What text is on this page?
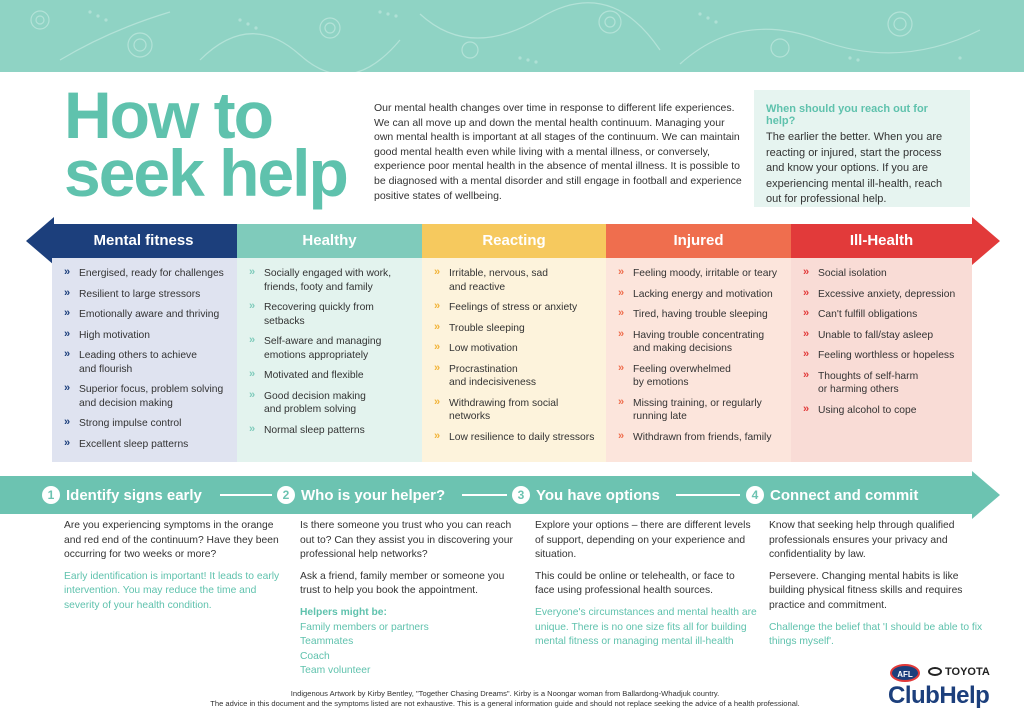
How to
seek help
Our mental health changes over time in response to different life experiences. We can all move up and down the mental health continuum. Managing your own mental health is important at all stages of the continuum. We can maintain good mental health even while living with a mental illness, or conversely, experience poor mental health in the absence of mental illness. It is possible to be diagnosed with a mental disorder and still engage in football and experience positive states of wellbeing.
When should you reach out for help?
The earlier the better. When you are reacting or injured, start the process and know your options. If you are experiencing mental ill-health, reach out for professional help.
Mental fitness
» Energised, ready for challenges
» Resilient to large stressors
» Emotionally aware and thriving
» High motivation
» Leading others to achieve
and flourish
» Superior focus, problem solving
and decision making
» Strong impulse control
» Excellent sleep patterns
Healthy
» Socially engaged with work,
friends, footy and family
» Recovering quickly from
setbacks
» Self-aware and managing
emotions appropriately
» Motivated and flexible
» Good decision making
and problem solving
» Normal sleep patterns
Reacting
» Irritable, nervous, sad
and reactive
» Feelings of stress or anxiety
» Trouble sleeping
» Low motivation
» Procrastination
and indecisiveness
» Withdrawing from social
networks
» Low resilience to daily stressors
Injured
» Feeling moody, irritable or teary
» Lacking energy and motivation
» Tired, having trouble sleeping
» Having trouble concentrating
and making decisions
» Feeling overwhelmed
by emotions
» Missing training, or regularly
running late
» Withdrawn from friends, family
Ill-Health
» Social isolation
» Excessive anxiety, depression
» Can't fulfill obligations
» Unable to fall/stay asleep
» Feeling worthless or hopeless
» Thoughts of self-harm
or harming others
» Using alcohol to cope
1 Identify signs early	2 Who is your helper?	3 You have options	4 Connect and commit

Are you experiencing symptoms in the orange and red end of the continuum? Have they been occurring for two weeks or more?

Early identification is important! It leads to early intervention. You may reduce the time and severity of your health condition.

Is there someone you trust who you can reach out to? Can they assist you in discovering your professional help networks?

Ask a friend, family member or someone you trust to help you book the appointment.

Helpers might be:
Family members or partners
Teammates
Coach
Team volunteer

Explore your options – there are different levels of support, depending on your experience and situation.

This could be online or telehealth, or face to face using professional health sources.

Everyone's circumstances and mental health are unique. There is no one size fits all for building mental fitness or managing mental ill-health

Know that seeking help through qualified professionals ensures your privacy and confidentiality by law.

Persevere. Changing mental habits is like building physical fitness skills and requires practice and commitment.

Challenge the belief that 'I should be able to fix things myself'.

Indigenous Artwork by Kirby Bentley, "Together Chasing Dreams". Kirby is a Noongar woman from Ballardong-Whadjuk country.
The advice in this document and the symptoms listed are not exhaustive. This is a general information guide and should not replace seeking the advice of a health professional.
AFL	TOYOTA
ClubHelp
